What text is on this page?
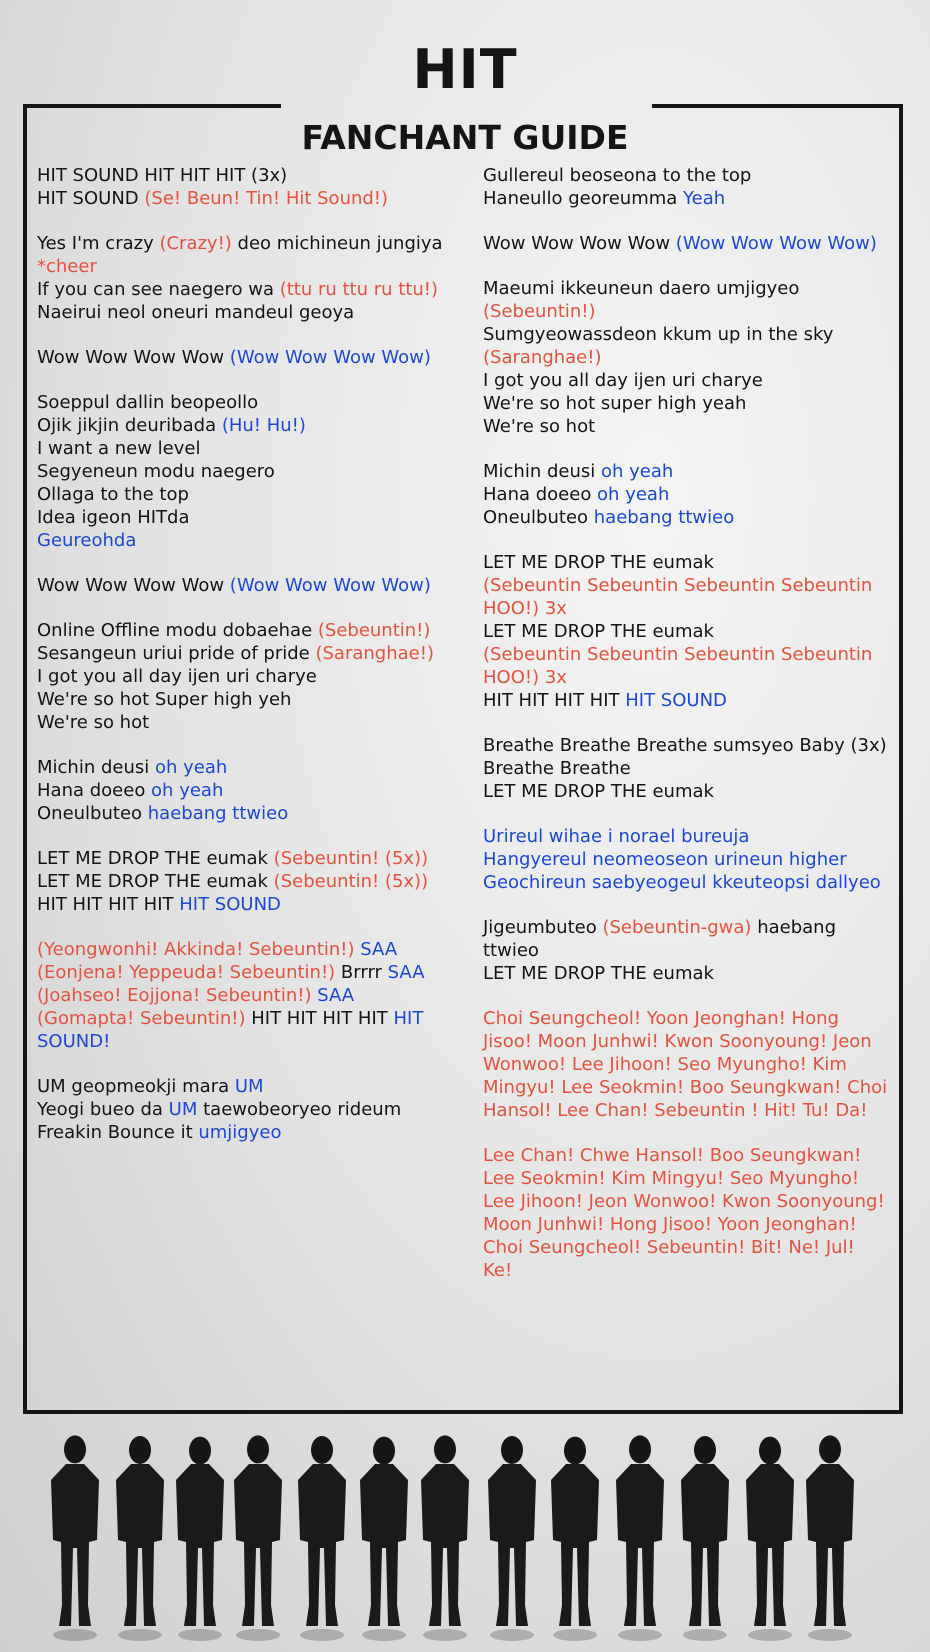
HIT
FANCHANT GUIDE
HIT SOUND HIT HIT HIT (3x)
HIT SOUND (Se! Beun! Tin! Hit Sound!)
Yes I'm crazy (Crazy!) deo michineun jungiya *cheer
If you can see naegero wa (ttu ru ttu ru ttu!)
Naeirui neol oneuri mandeul geoya
Wow Wow Wow Wow (Wow Wow Wow Wow)
Soeppul dallin beopeollo
Ojik jikjin deuribada (Hu! Hu!)
I want a new level
Segyeneun modu naegero
Ollaga to the top
Idea igeon HITda
Geureohda
Wow Wow Wow Wow (Wow Wow Wow Wow)
Online Offline modu dobaehae (Sebeuntin!)
Sesangeun uriui pride of pride (Saranghae!)
I got you all day ijen uri charye
We're so hot Super high yeh
We're so hot
Michin deusi oh yeah
Hana doeeo oh yeah
Oneulbuteo haebang ttwieo
LET ME DROP THE eumak (Sebeuntin! (5x))
LET ME DROP THE eumak (Sebeuntin! (5x))
HIT HIT HIT HIT HIT SOUND
(Yeongwonhi! Akkinda! Sebeuntin!) SAA
(Eonjena! Yeppeuda! Sebeuntin!) Brrrr SAA
(Joahseo! Eojjona! Sebeuntin!) SAA
(Gomapta! Sebeuntin!) HIT HIT HIT HIT HIT SOUND!
UM geopmeokji mara UM
Yeogi bueo da UM taewobeoryeo rideum
Freakin Bounce it umjigyeo
Gullereul beoseona to the top
Haneullo georeumma Yeah
Wow Wow Wow Wow (Wow Wow Wow Wow)
Maeumi ikkeuneun daero umjigyeo
(Sebeuntin!)
Sumgyeowassdeon kkum up in the sky
(Saranghae!)
I got you all day ijen uri charye
We're so hot super high yeah
We're so hot
Michin deusi oh yeah
Hana doeeo oh yeah
Oneulbuteo haebang ttwieo
LET ME DROP THE eumak
(Sebeuntin Sebeuntin Sebeuntin Sebeuntin HOO!) 3x
LET ME DROP THE eumak
(Sebeuntin Sebeuntin Sebeuntin Sebeuntin HOO!) 3x
HIT HIT HIT HIT HIT SOUND
Breathe Breathe Breathe sumsyeo Baby (3x)
Breathe Breathe
LET ME DROP THE eumak
Urireul wihae i norael bureuja
Hangyereul neomeoseon urineun higher
Geochireun saebyeogeul kkeuteopsi dallyeo
Jigeumbuteo (Sebeuntin-gwa) haebang ttwieo
LET ME DROP THE eumak
Choi Seungcheol! Yoon Jeonghan! Hong Jisoo! Moon Junhwi! Kwon Soonyoung! Jeon Wonwoo! Lee Jihoon! Seo Myungho! Kim Mingyu! Lee Seokmin! Boo Seungkwan! Choi Hansol! Lee Chan! Sebeuntin ! Hit! Tu! Da!
Lee Chan! Chwe Hansol! Boo Seungkwan! Lee Seokmin! Kim Mingyu! Seo Myungho! Lee Jihoon! Jeon Wonwoo! Kwon Soonyoung! Moon Junhwi! Hong Jisoo! Yoon Jeonghan! Choi Seungcheol! Sebeuntin! Bit! Ne! Jul! Ke!
